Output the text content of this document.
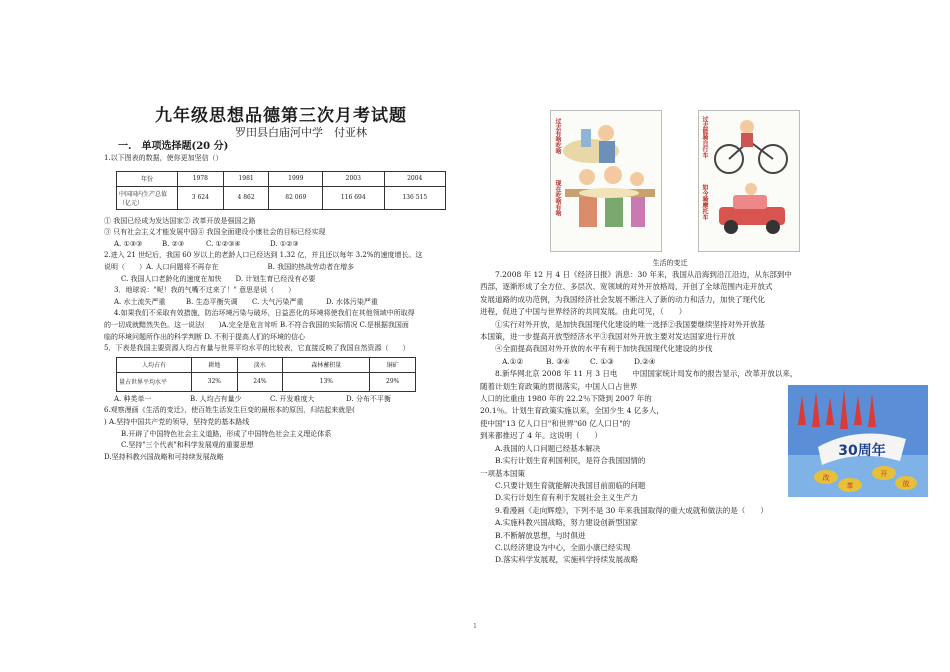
九年级思想品德第三次月考试题
罗田县白庙河中学　付亚林
一.　单项选择题(20 分)
1.以下图表的数据，使你更加坚信（）
年份	1978	1981	1999	2003	2004
中国国内生产总值（亿元）	3 624	4 862	82 069	116 694	136 515
① 我国已经成为发达国家② 改革开放是强国之路
③ 只有社会主义才能发展中国④ 我国全面建设小康社会的目标已经实现
A. ①③③	B. ②③	C. ①②③④	D. ①②③
2.进入 21 世纪后，我国 60 岁以上的老龄人口已经达到 1.32 亿，并且还以每年 3.2%的速度增长。这
说明（　　）A. 人口问题将不再存在　　　　　　　B. 我国的热战劳动者在增多
　C. 我国人口老龄化的速度在加快　　D. 计划生育已经没有必要
3．地球说："呢！我的气嘴不过来了！" 意思是说（　　）
A. 水土流失严重	B. 生态平衡失调	C. 大气污染严重	D. 水体污染严重
4.如果我们不采取有效措施，防治环境污染与破坏，日益恶化的环境将使我们在其他领域中所取得
的一切成就黯然失色。这一说法(　　)A.完全是危言耸听 B.不符合我国的实际情况 C.是根据我国面
临的环境问题所作出的科学判断 D. 不利于提高人们的环境的信心
5．下表是我国主要资源人均占有量与世界平均水平的比较表，它直接反映了我国自然资源（　　）
人均占有	耕地	淡水	森林蓄积量	铜矿
量占世界平均水平	32%	24%	13%	29%
A. 种类单一	B. 人均占有量少	C. 开发难度大	D. 分布不平衡
6.观察漫画《生活的变迁》，使百姓生活发生巨变的最根本的原因，归结起来就是(
) A.坚持中国共产党的领导，坚持党的基本路线
　B.开辟了中国特色社会主义道路，形成了中国特色社会主义理论体系
　C.坚持"三个代表"和科学发展观的重要思想
D.坚持科教兴国战略和可持续发展战略
过去有啥吃啥
现在吃啥有啥
过去能骑自行车
如今骑摩托车
生活的变迁
　　7.2008 年 12 月 4 日《经济日报》消息：30 年来，我国从沿海到沿江沿边，从东部到中
西部，逐渐形成了全方位、多层次、宽领域的对外开放格局，开创了全球范围内走开放式
发展道路的成功范例，为我国经济社会发展不断注入了新的动力和活力，加快了现代化
进程，促进了中国与世界经济的共同发展。由此可见，（　　）
　　①实行对外开放，是加快我国现代化建设的唯一选择②我国要继续坚持对外开放基
本国策，进一步提高开放型经济水平③我国对外开放主要对发达国家进行开放
　　④全面提高我国对外开放的水平有利于加快我国现代化建设的步伐
A.①②	B. ③④	C. ①③	D.②④
　　8.新华网北京 2008 年 11 月 3 日电　　中国国家统计局发布的报告显示，改革开放以来，
随着计划生育政策的贯彻落实，中国人口占世界
人口的比重由 1980 年的 22.2％下降到 2007 年的
20.1％。计划生育政策实施以来，全国少生 4 亿多人，
使中国"13 亿人口日"和世界"60 亿人口日"的
到来都推迟了 4 年。这说明（　　）
　　A.我国的人口问题已经基本解决
　　B.实行计划生育利国利民，是符合我国国情的
一项基本国策
　　C.只要计划生育就能解决我国目前面临的问题
　　D.实行计划生育有利于发展社会主义生产力
　　9.看漫画《走向辉煌》，下列不是 30 年来我国取得的重大成就和做法的是（　　）
　　A.实施科教兴国战略，努力建设创新型国家
　　B.不断解放思想，与时俱进
　　C.以经济建设为中心，全面小康已经实现
　　D.落实科学发展观，实施科学持续发展战略
30周年
改
革
开
放
1
